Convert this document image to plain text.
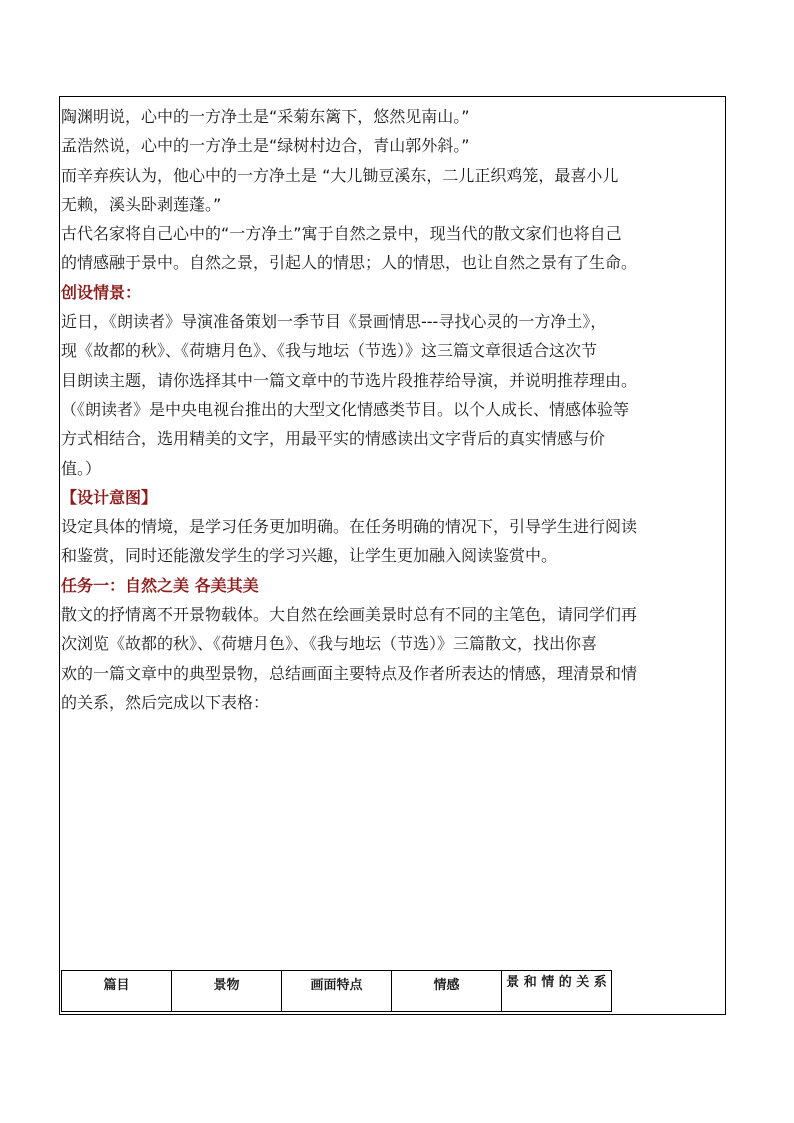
陶渊明说，心中的一方净土是“采菊东篱下，悠然见南山。”

孟浩然说，心中的一方净土是“绿树村边合，青山郭外斜。”

而辛弃疾认为，他心中的一方净土是 “大儿锄豆溪东，二儿正织鸡笼，最喜小儿

无赖，溪头卧剥莲蓬。”

古代名家将自己心中的“一方净土”寓于自然之景中，现当代的散文家们也将自己

的情感融于景中。自然之景，引起人的情思；人的情思，也让自然之景有了生命。

创设情景：

近日，《朗读者》导演准备策划一季节目《景画情思---寻找心灵的一方净土》，

现《故都的秋》、《荷塘月色》、《我与地坛（节选）》这三篇文章很适合这次节

目朗读主题，请你选择其中一篇文章中的节选片段推荐给导演，并说明推荐理由。

（《朗读者》是中央电视台推出的大型文化情感类节目。以个人成长、情感体验等

方式相结合，选用精美的文字，用最平实的情感读出文字背后的真实情感与价

值。）

【设计意图】

设定具体的情境，是学习任务更加明确。在任务明确的情况下，引导学生进行阅读

和鉴赏，同时还能激发学生的学习兴趣，让学生更加融入阅读鉴赏中。

任务一：自然之美 各美其美

散文的抒情离不开景物载体。大自然在绘画美景时总有不同的主笔色，请同学们再

次浏览《故都的秋》、《荷塘月色》、《我与地坛（节选）》三篇散文，找出你喜

欢的一篇文章中的典型景物，总结画面主要特点及作者所表达的情感，理清景和情

的关系，然后完成以下表格：

篇目	景物	画面特点	情感	景 和 情 的 关 系
